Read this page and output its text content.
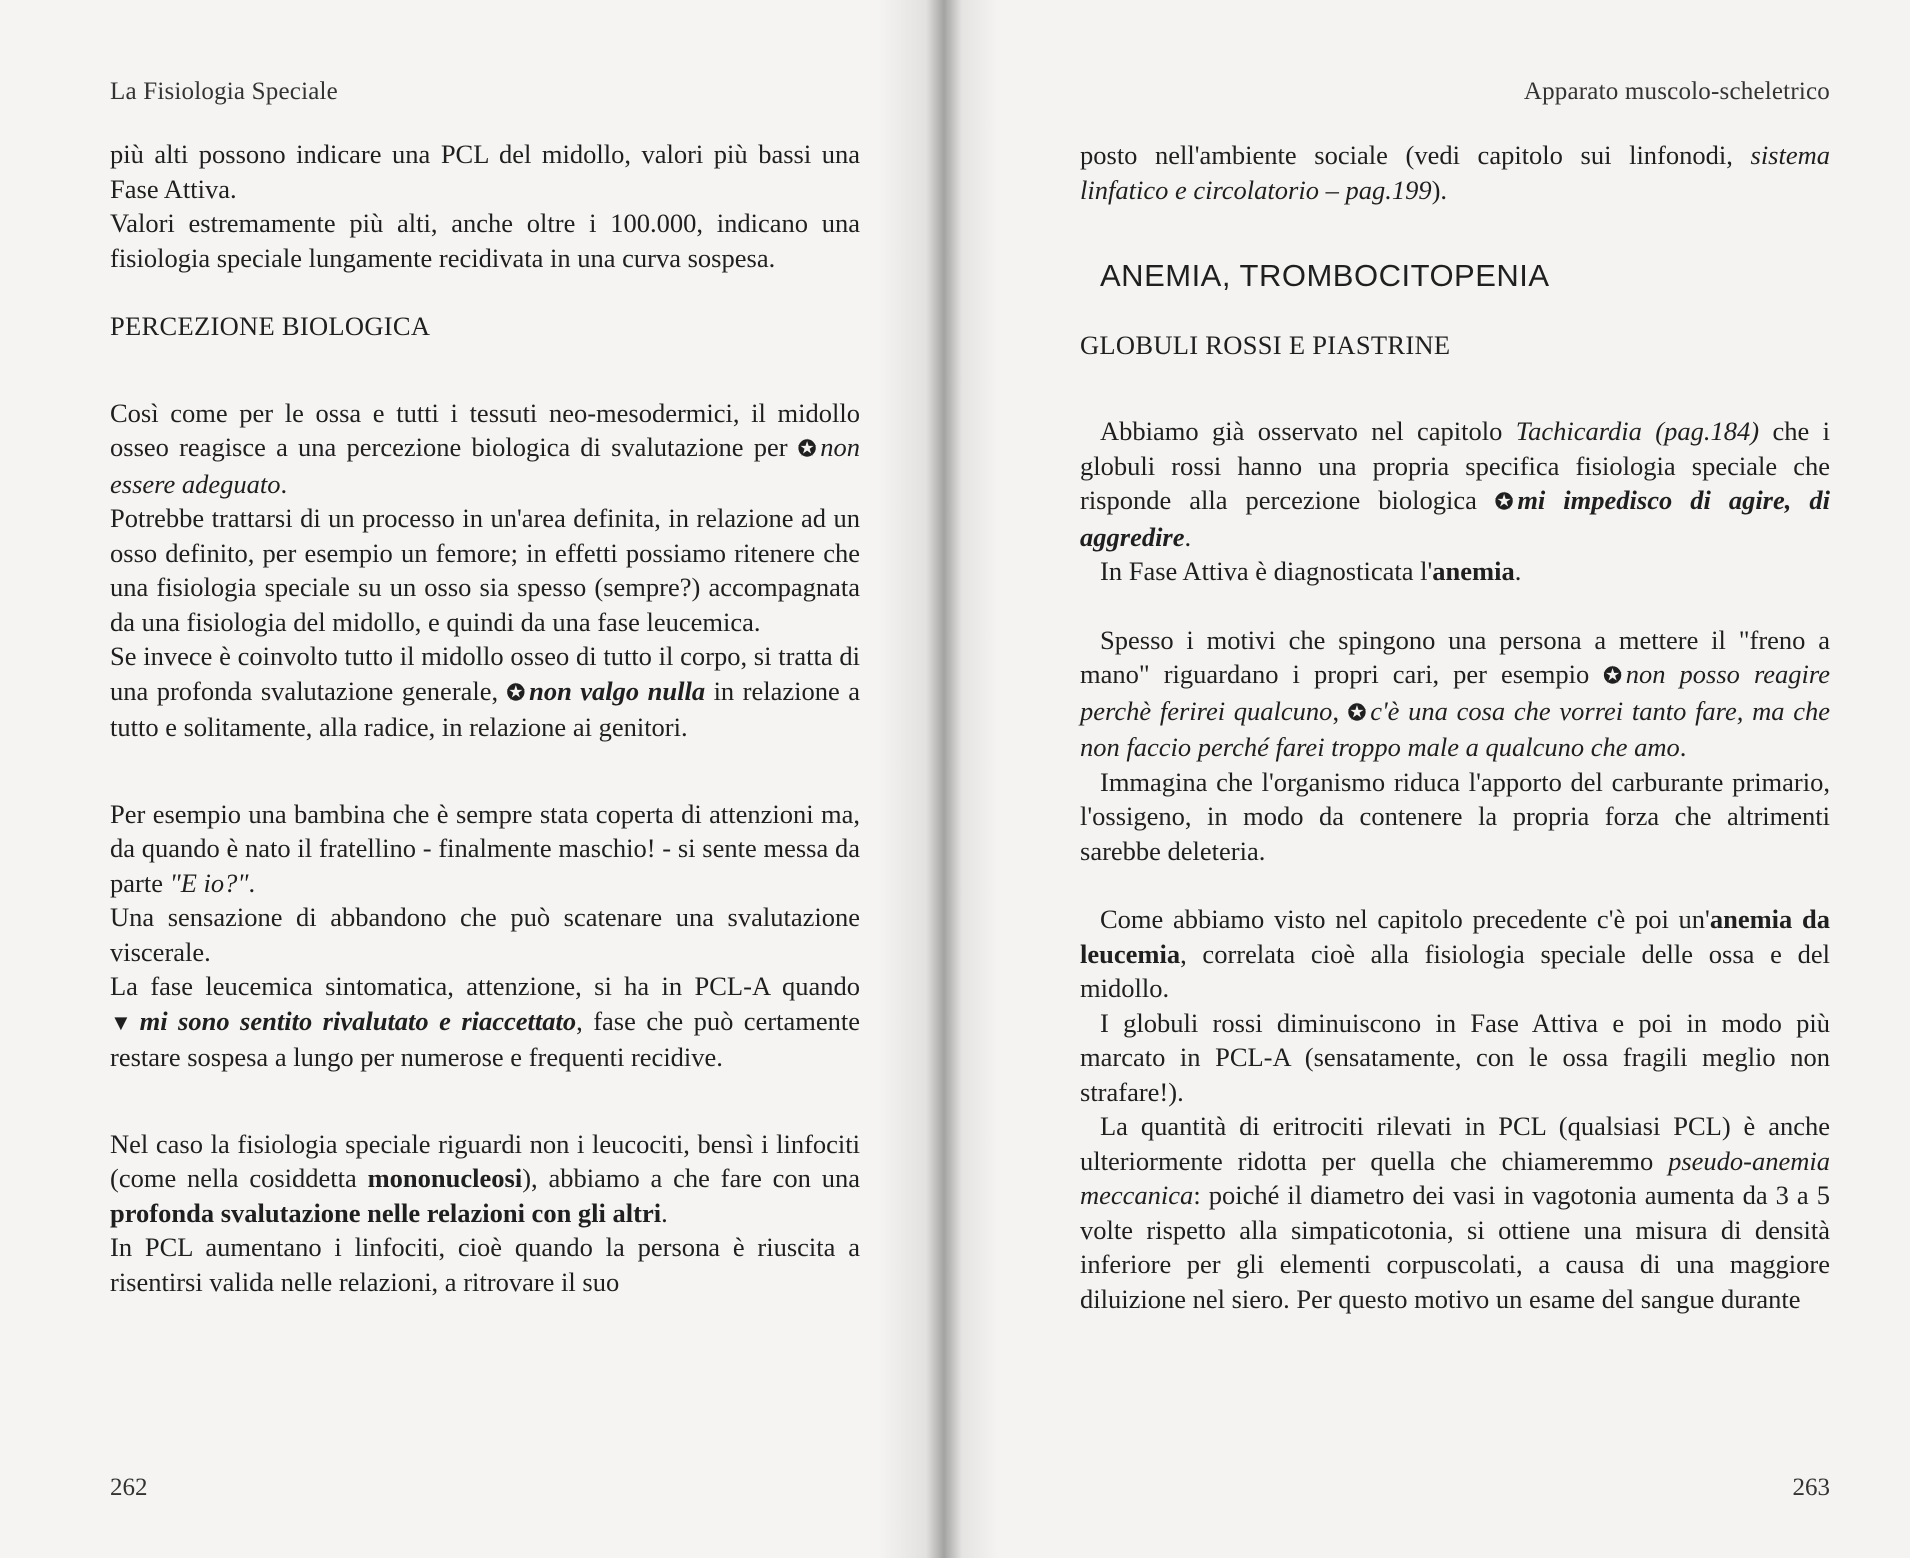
La Fisiologia Speciale

più alti possono indicare una PCL del midollo, valori più bassi una Fase Attiva.

Valori estremamente più alti, anche oltre i 100.000, indicano una fisiologia speciale lungamente recidivata in una curva sospesa.

PERCEZIONE BIOLOGICA

Così come per le ossa e tutti i tessuti neo-mesodermici, il midollo osseo reagisce a una percezione biologica di svalutazione per ✪ non essere adeguato.

Potrebbe trattarsi di un processo in un'area definita, in relazione ad un osso definito, per esempio un femore; in effetti possiamo ritenere che una fisiologia speciale su un osso sia spesso (sempre?) accompagnata da una fisiologia del midollo, e quindi da una fase leucemica.

Se invece è coinvolto tutto il midollo osseo di tutto il corpo, si tratta di una profonda svalutazione generale, ✪ non valgo nulla in relazione a tutto e solitamente, alla radice, in relazione ai genitori.

Per esempio una bambina che è sempre stata coperta di attenzioni ma, da quando è nato il fratellino - finalmente maschio! - si sente messa da parte "E io?".

Una sensazione di abbandono che può scatenare una svalutazione viscerale.

La fase leucemica sintomatica, attenzione, si ha in PCL-A quando ▼ mi sono sentito rivalutato e riaccettato, fase che può certamente restare sospesa a lungo per numerose e frequenti recidive.

Nel caso la fisiologia speciale riguardi non i leucociti, bensì i linfociti (come nella cosiddetta mononucleosi), abbiamo a che fare con una profonda svalutazione nelle relazioni con gli altri.

In PCL aumentano i linfociti, cioè quando la persona è riuscita a risentirsi valida nelle relazioni, a ritrovare il suo

262
Apparato muscolo-scheletrico

posto nell'ambiente sociale (vedi capitolo sui linfonodi, sistema linfatico e circolatorio – pag.199).

ANEMIA, TROMBOCITOPENIA

GLOBULI ROSSI E PIASTRINE

Abbiamo già osservato nel capitolo Tachicardia (pag.184) che i globuli rossi hanno una propria specifica fisiologia speciale che risponde alla percezione biologica ✪ mi impedisco di agire, di aggredire.

In Fase Attiva è diagnosticata l'anemia.

Spesso i motivi che spingono una persona a mettere il "freno a mano" riguardano i propri cari, per esempio ✪ non posso reagire perchè ferirei qualcuno, ✪ c'è una cosa che vorrei tanto fare, ma che non faccio perché farei troppo male a qualcuno che amo.

Immagina che l'organismo riduca l'apporto del carburante primario, l'ossigeno, in modo da contenere la propria forza che altrimenti sarebbe deleteria.

Come abbiamo visto nel capitolo precedente c'è poi un'anemia da leucemia, correlata cioè alla fisiologia speciale delle ossa e del midollo.

I globuli rossi diminuiscono in Fase Attiva e poi in modo più marcato in PCL-A (sensatamente, con le ossa fragili meglio non strafare!).

La quantità di eritrociti rilevati in PCL (qualsiasi PCL) è anche ulteriormente ridotta per quella che chiameremmo pseudo-anemia meccanica: poiché il diametro dei vasi in vagotonia aumenta da 3 a 5 volte rispetto alla simpaticotonia, si ottiene una misura di densità inferiore per gli elementi corpuscolati, a causa di una maggiore diluizione nel siero. Per questo motivo un esame del sangue durante

263
